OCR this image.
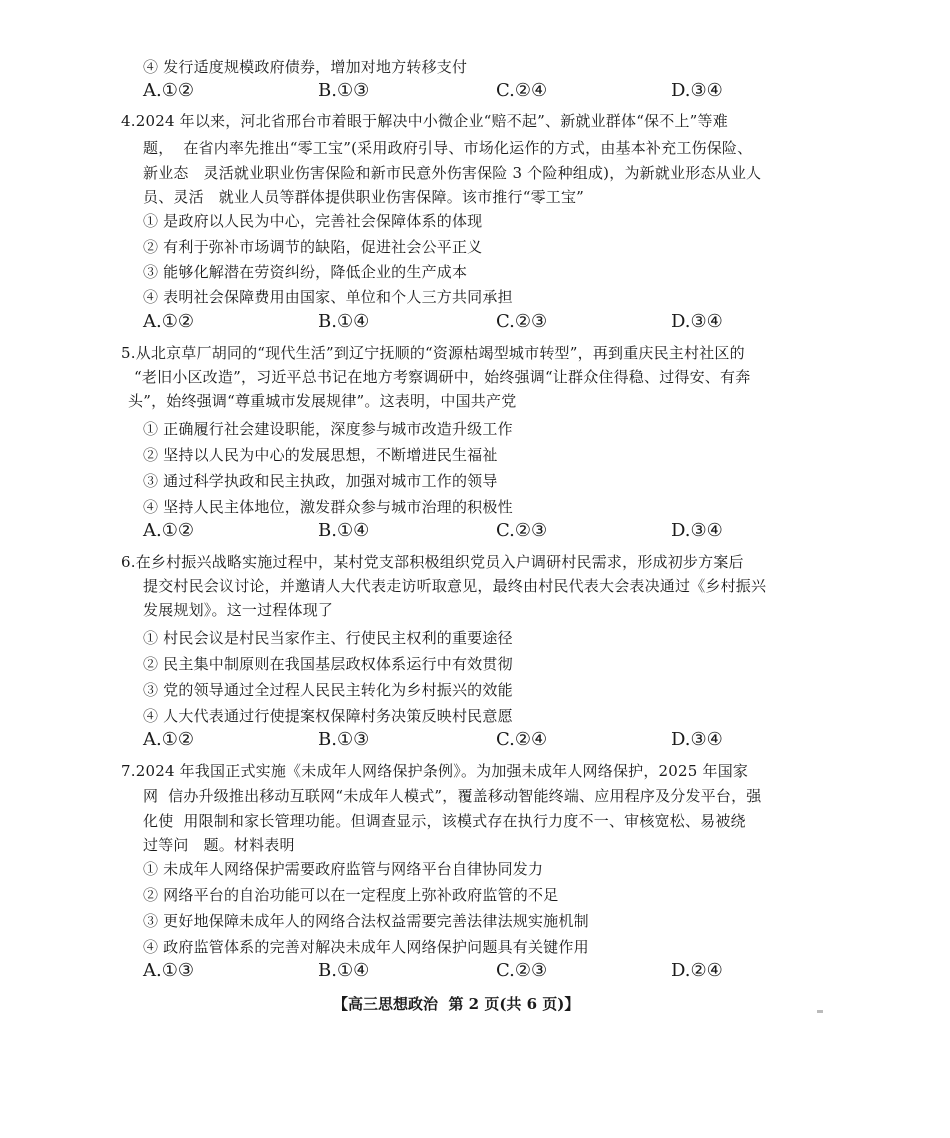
④ 发行适度规模政府债券，增加对地方转移支付
A.①②	B.①③	C.②④	D.③④
4.2024 年以来，河北省邢台市着眼于解决中小微企业“赔不起”、新就业群体“保不上”等难
题，  在省内率先推出“零工宝”(采用政府引导、市场化运作的方式，由基本补充工伤保险、
新业态   灵活就业职业伤害保险和新市民意外伤害保险 3 个险种组成)，为新就业形态从业人
员、灵活   就业人员等群体提供职业伤害保障。该市推行“零工宝”
① 是政府以人民为中心，完善社会保障体系的体现
② 有利于弥补市场调节的缺陷，促进社会公平正义
③ 能够化解潜在劳资纠纷，降低企业的生产成本
④ 表明社会保障费用由国家、单位和个人三方共同承担
A.①②	B.①④	C.②③	D.③④
5.从北京草厂胡同的“现代生活”到辽宁抚顺的“资源枯竭型城市转型”，再到重庆民主村社区的
“老旧小区改造”，习近平总书记在地方考察调研中，始终强调“让群众住得稳、过得安、有奔
头”，始终强调“尊重城市发展规律”。这表明，中国共产党
① 正确履行社会建设职能，深度参与城市改造升级工作
② 坚持以人民为中心的发展思想，不断增进民生福祉
③ 通过科学执政和民主执政，加强对城市工作的领导
④ 坚持人民主体地位，激发群众参与城市治理的积极性
A.①②	B.①④	C.②③	D.③④
6.在乡村振兴战略实施过程中，某村党支部积极组织党员入户调研村民需求，形成初步方案后
提交村民会议讨论，并邀请人大代表走访听取意见，最终由村民代表大会表决通过《乡村振兴
发展规划》。这一过程体现了
① 村民会议是村民当家作主、行使民主权利的重要途径
② 民主集中制原则在我国基层政权体系运行中有效贯彻
③ 党的领导通过全过程人民民主转化为乡村振兴的效能
④ 人大代表通过行使提案权保障村务决策反映村民意愿
A.①②	B.①③	C.②④	D.③④
7.2024 年我国正式实施《未成年人网络保护条例》。为加强未成年人网络保护，2025 年国家
网  信办升级推出移动互联网“未成年人模式”，覆盖移动智能终端、应用程序及分发平台，强
化使  用限制和家长管理功能。但调查显示，该模式存在执行力度不一、审核宽松、易被绕
过等问   题。材料表明
① 未成年人网络保护需要政府监管与网络平台自律协同发力
② 网络平台的自治功能可以在一定程度上弥补政府监管的不足
③ 更好地保障未成年人的网络合法权益需要完善法律法规实施机制
④ 政府监管体系的完善对解决未成年人网络保护问题具有关键作用
A.①③	B.①④	C.②③	D.②④
【高三思想政治  第 2 页(共 6 页)】
